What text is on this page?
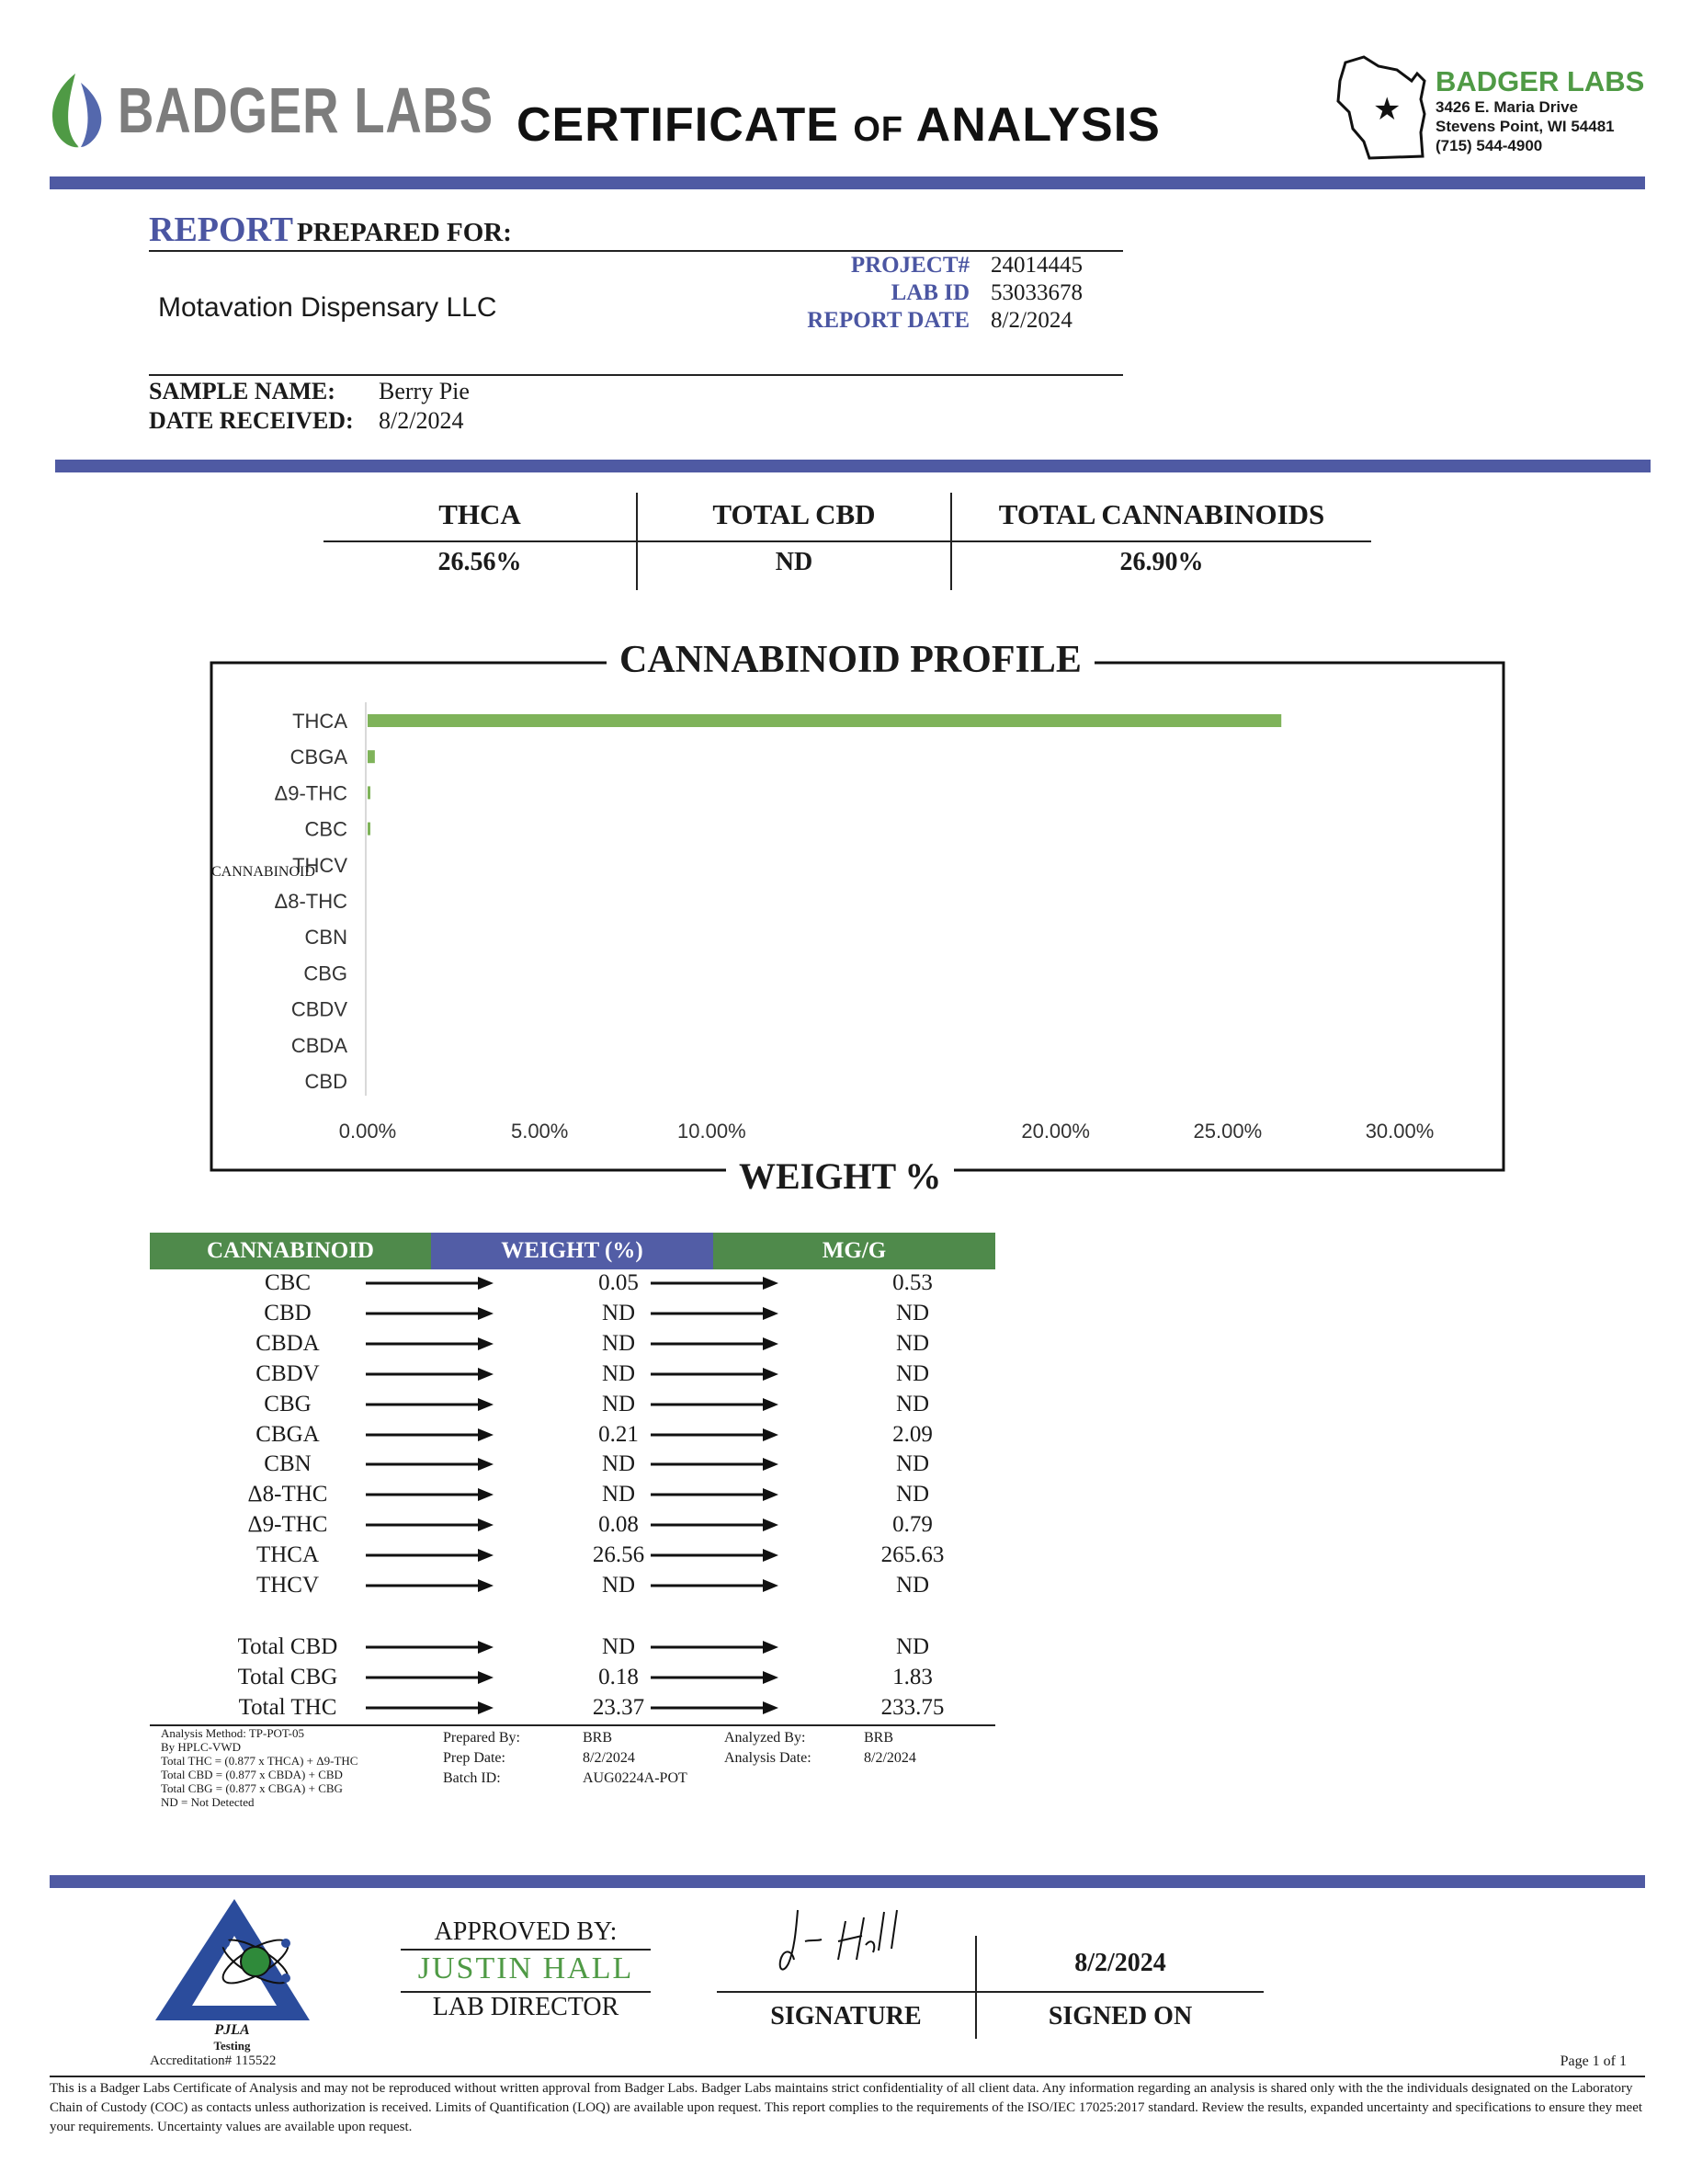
BADGER LABS CERTIFICATE OF ANALYSIS	★
BADGER LABS
3426 E. Maria Drive
Stevens Point, WI 54481
(715) 544-4900
REPORT PREPARED FOR:
Motavation Dispensary LLC
PROJECT# 24014445
LAB ID 53033678
REPORT DATE 8/2/2024
SAMPLE NAME: Berry Pie
DATE RECEIVED: 8/2/2024
THCA	TOTAL CBD	TOTAL CANNABINOIDS
26.56%	ND	26.90%
THCA
CBGA
Δ9-THC
CBC
THCV
Δ8-THC
CBN
CBG
CBDV
CBDA
CBD
0.00%	5.00%	10.00%	20.00%	25.00%	30.00%
CANNABINOID PROFILE
WEIGHT %
CANNABINOID
CANNABINOID	WEIGHT (%)	MG/G
CBC	0.05	0.53
CBD	ND	ND
CBDA	ND	ND
CBDV	ND	ND
CBG	ND	ND
CBGA	0.21	2.09
CBN	ND	ND
Δ8-THC	ND	ND
Δ9-THC	0.08	0.79
THCA	26.56	265.63
THCV	ND	ND
Total CBD	ND	ND
Total CBG	0.18	1.83
Total THC	23.37	233.75
Analysis Method: TP-POT-05
By HPLC-VWD
Total THC = (0.877 x THCA) + Δ9-THC
Total CBD = (0.877 x CBDA) + CBD
Total CBG = (0.877 x CBGA) + CBG
ND = Not Detected
Prepared By:	BRB
Prep Date:	8/2/2024
Batch ID:	AUG0224A-POT
Analyzed By:	BRB
Analysis Date:	8/2/2024
PJLA
Testing
Accreditation# 115522
APPROVED BY:
JUSTIN HALL
LAB DIRECTOR	SIGNATURE
8/2/2024
SIGNED ON
Page 1 of 1
This is a Badger Labs Certificate of Analysis and may not be reproduced without written approval from Badger Labs. Badger Labs maintains strict confidentiality of all client data. Any information regarding an analysis is shared only with the the individuals designated on the Laboratory Chain of Custody (COC) as contacts unless authorization is received. Limits of Quantification (LOQ) are available upon request. This report complies to the requirements of the ISO/IEC 17025:2017 standard. Review the results, expanded uncertainty and specifications to ensure they meet your requirements. Uncertainty values are available upon request.
